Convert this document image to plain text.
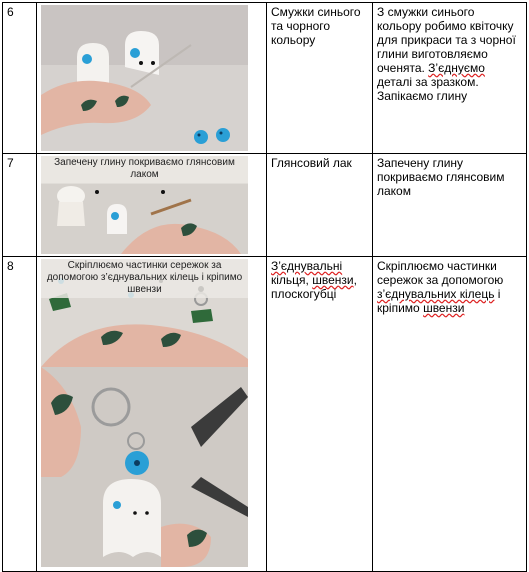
6		Смужки синього та чорного кольору	З смужки синього кольору робимо квіточку для прикраси та з чорної глини виготовляємо оченята. З’єднуємо деталі за зразком. Запікаємо глину
7	Запечену глину покриваємо глянсовим лаком	Глянсовий лак	Запечену глину покриваємо глянсовим лаком
8	Скріплюємо частинки сережок за допомогою з’єднувальних кілець і кріпимо швензи	З’єднувальні кільця, швензи, плоскогубці	Скріплюємо частинки сережок за допомогою з’єднувальних кілець і кріпимо швензи
